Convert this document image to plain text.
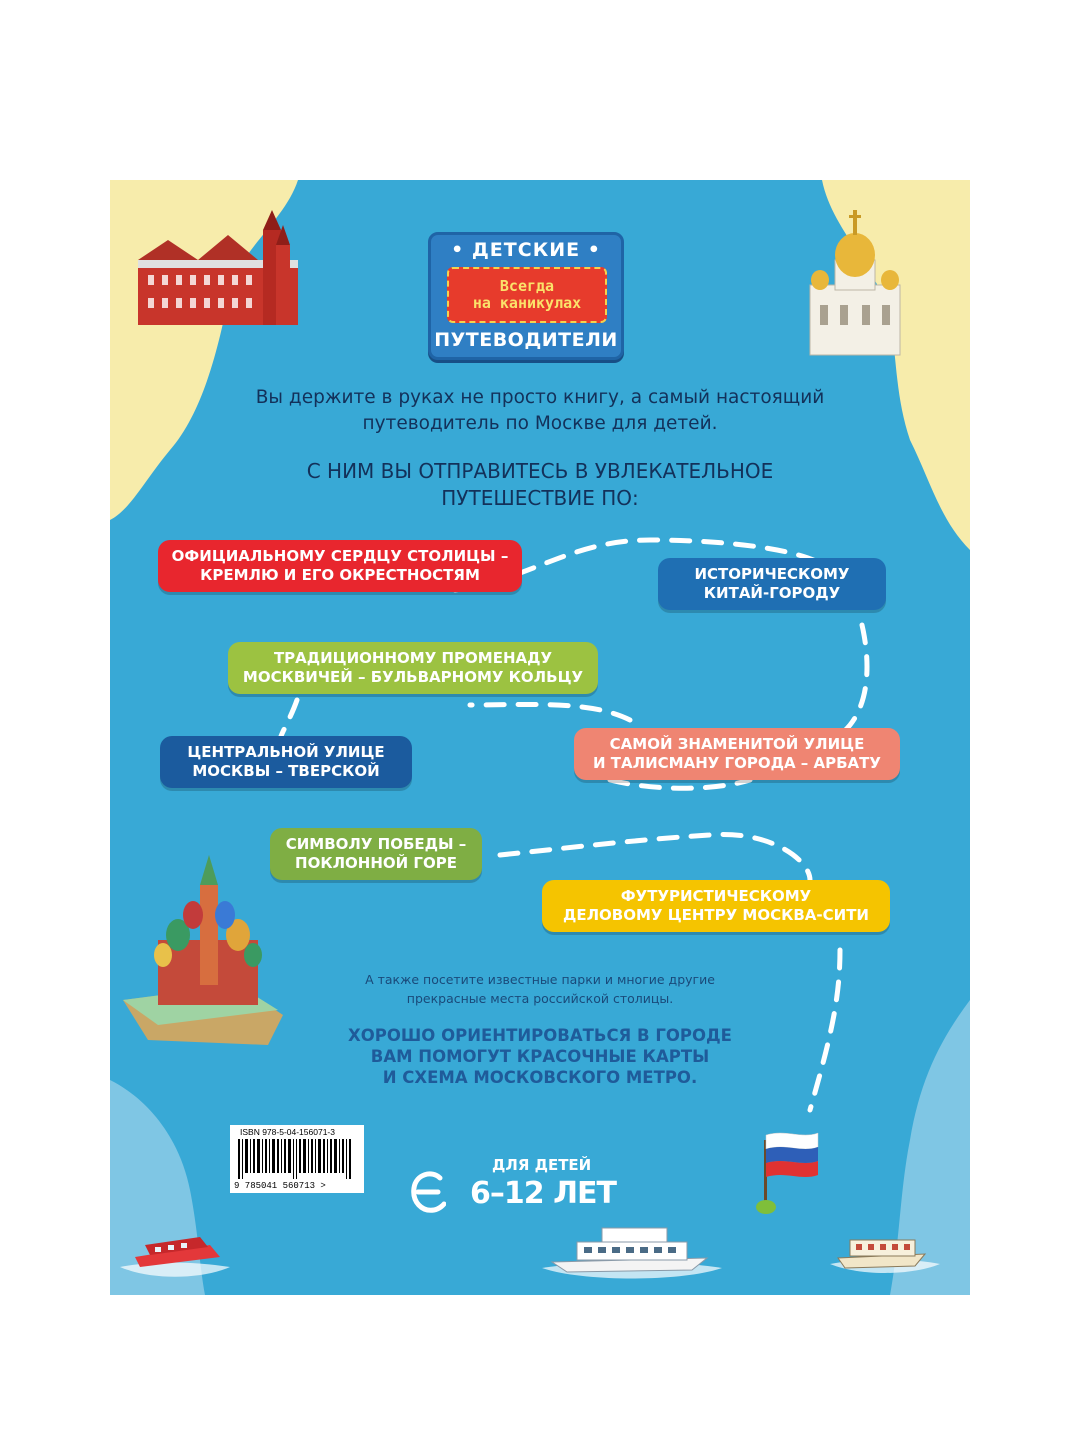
• ДЕТСКИЕ •
Всегда
на каникулах
ПУТЕВОДИТЕЛИ
Вы держите в руках не просто книгу, а самый настоящий
путеводитель по Москве для детей.
С НИМ ВЫ ОТПРАВИТЕСЬ В УВЛЕКАТЕЛЬНОЕ
ПУТЕШЕСТВИЕ ПО:
ОФИЦИАЛЬНОМУ СЕРДЦУ СТОЛИЦЫ –
КРЕМЛЮ И ЕГО ОКРЕСТНОСТЯМ	ИСТОРИЧЕСКОМУ
КИТАЙ-ГОРОДУ
ТРАДИЦИОННОМУ ПРОМЕНАДУ
МОСКВИЧЕЙ – БУЛЬВАРНОМУ КОЛЬЦУ
ЦЕНТРАЛЬНОЙ УЛИЦЕ
МОСКВЫ – ТВЕРСКОЙ
САМОЙ ЗНАМЕНИТОЙ УЛИЦЕ
И ТАЛИСМАНУ ГОРОДА – АРБАТУ
СИМВОЛУ ПОБЕДЫ –
ПОКЛОННОЙ ГОРЕ
ФУТУРИСТИЧЕСКОМУ
ДЕЛОВОМУ ЦЕНТРУ МОСКВА-СИТИ
А также посетите известные парки и многие другие
прекрасные места российской столицы.
ХОРОШО ОРИЕНТИРОВАТЬСЯ В ГОРОДЕ
ВАМ ПОМОГУТ КРАСОЧНЫЕ КАРТЫ
И СХЕМА МОСКОВСКОГО МЕТРО.
ISBN 978-5-04-156071-3
9 785041 560713 >
ДЛЯ ДЕТЕЙ
6–12 ЛЕТ
